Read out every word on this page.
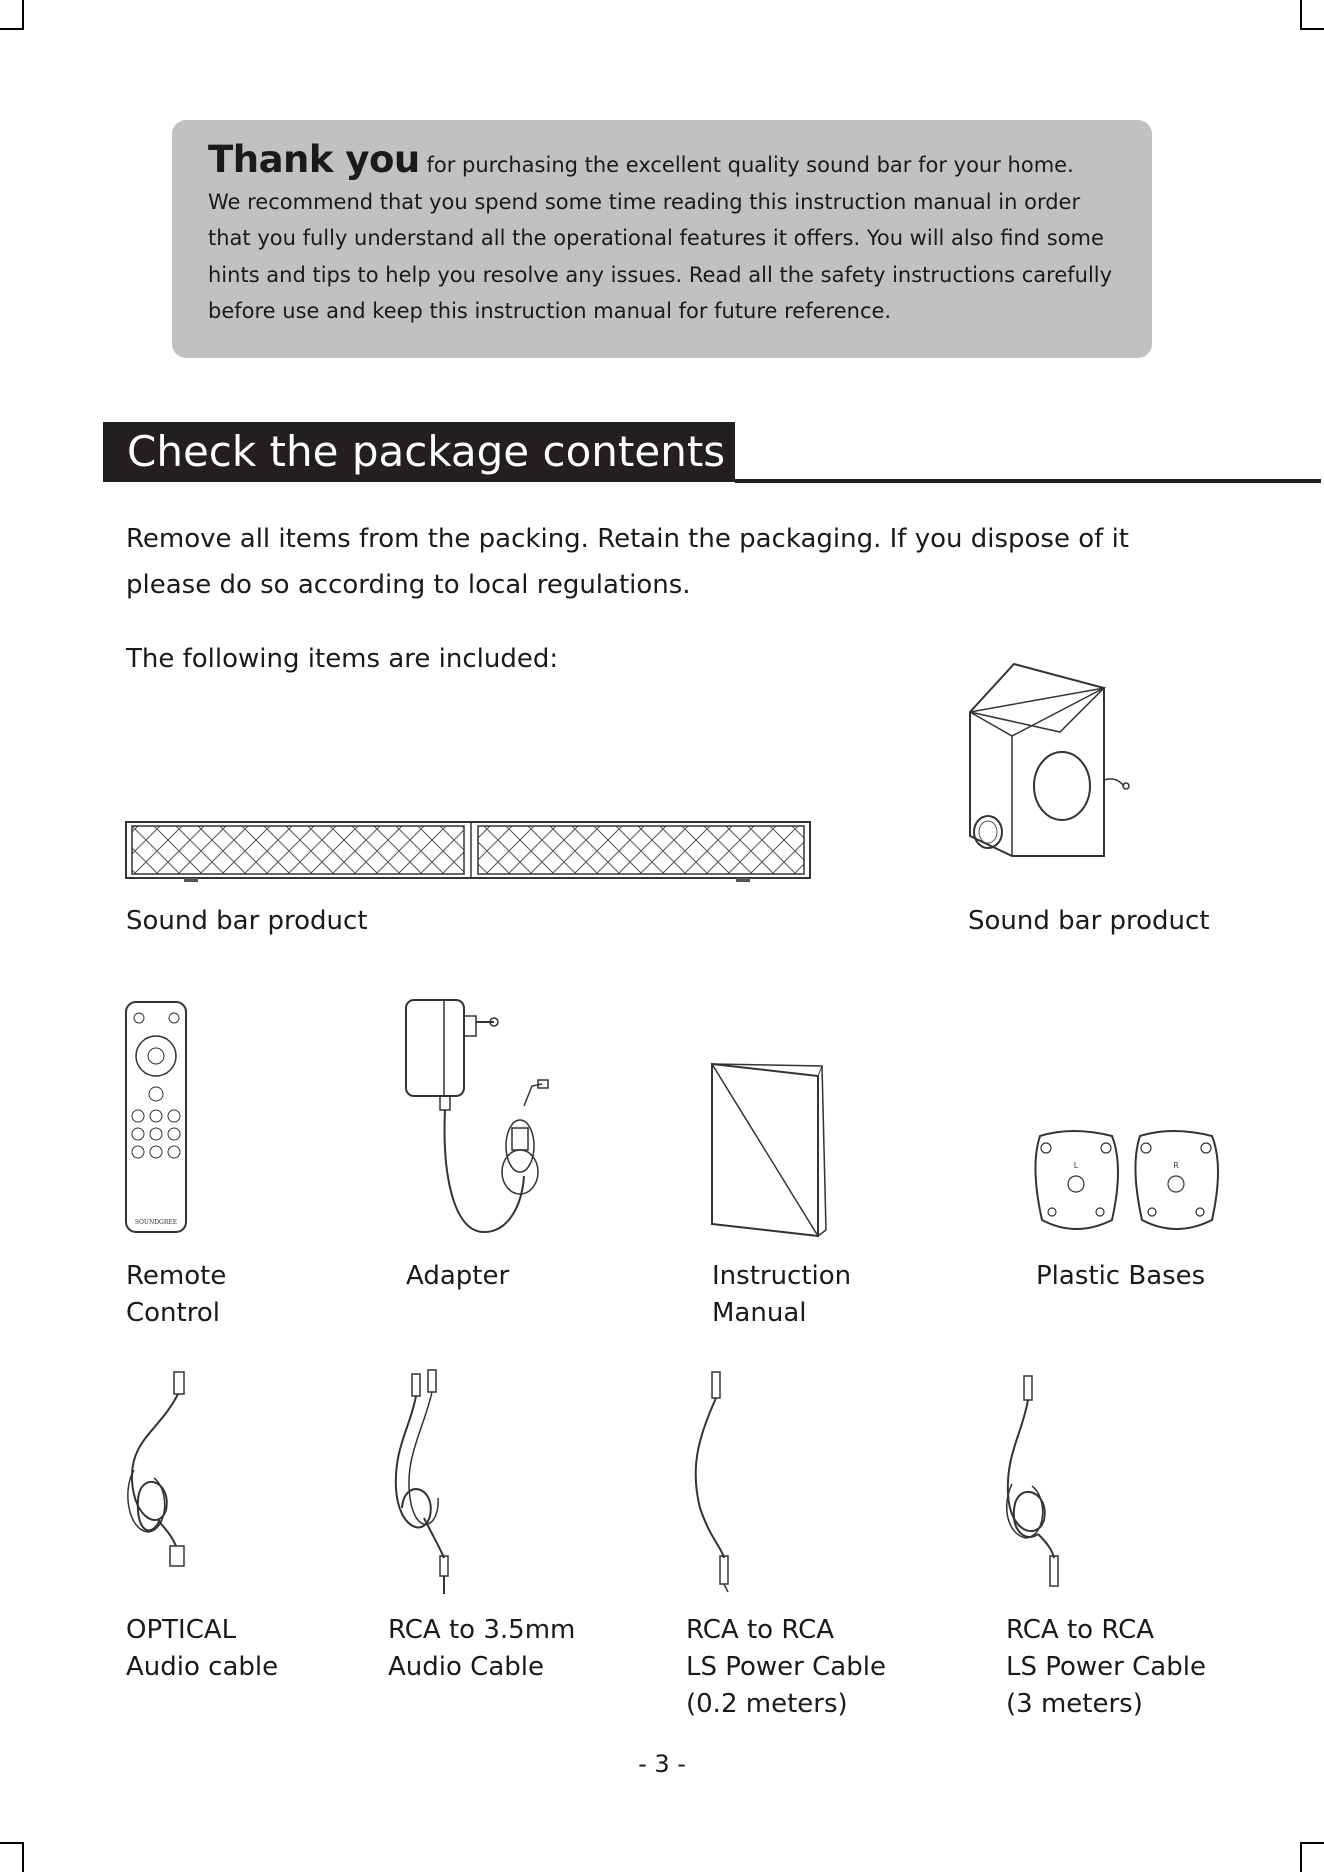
Thank you for purchasing the excellent quality sound bar for your home.

We recommend that you spend some time reading this instruction manual in order

that you fully understand all the operational features it offers. You will also find some

hints and tips to help you resolve any issues. Read all the safety instructions carefully

before use and keep this instruction manual for future reference.

Check the package contents

Remove all items from the packing. Retain the packaging. If you dispose of it

please do so according to local regulations.

The following items are included:

Sound bar product	Sound bar product

SOUNDGREE

Remote

Control

Adapter	Instruction

Manual

L	R

Plastic Bases

OPTICAL

Audio cable

RCA to 3.5mm

Audio Cable

RCA to RCA

LS Power Cable

(0.2 meters)

RCA to RCA

LS Power Cable

(3 meters)

- 3 -
